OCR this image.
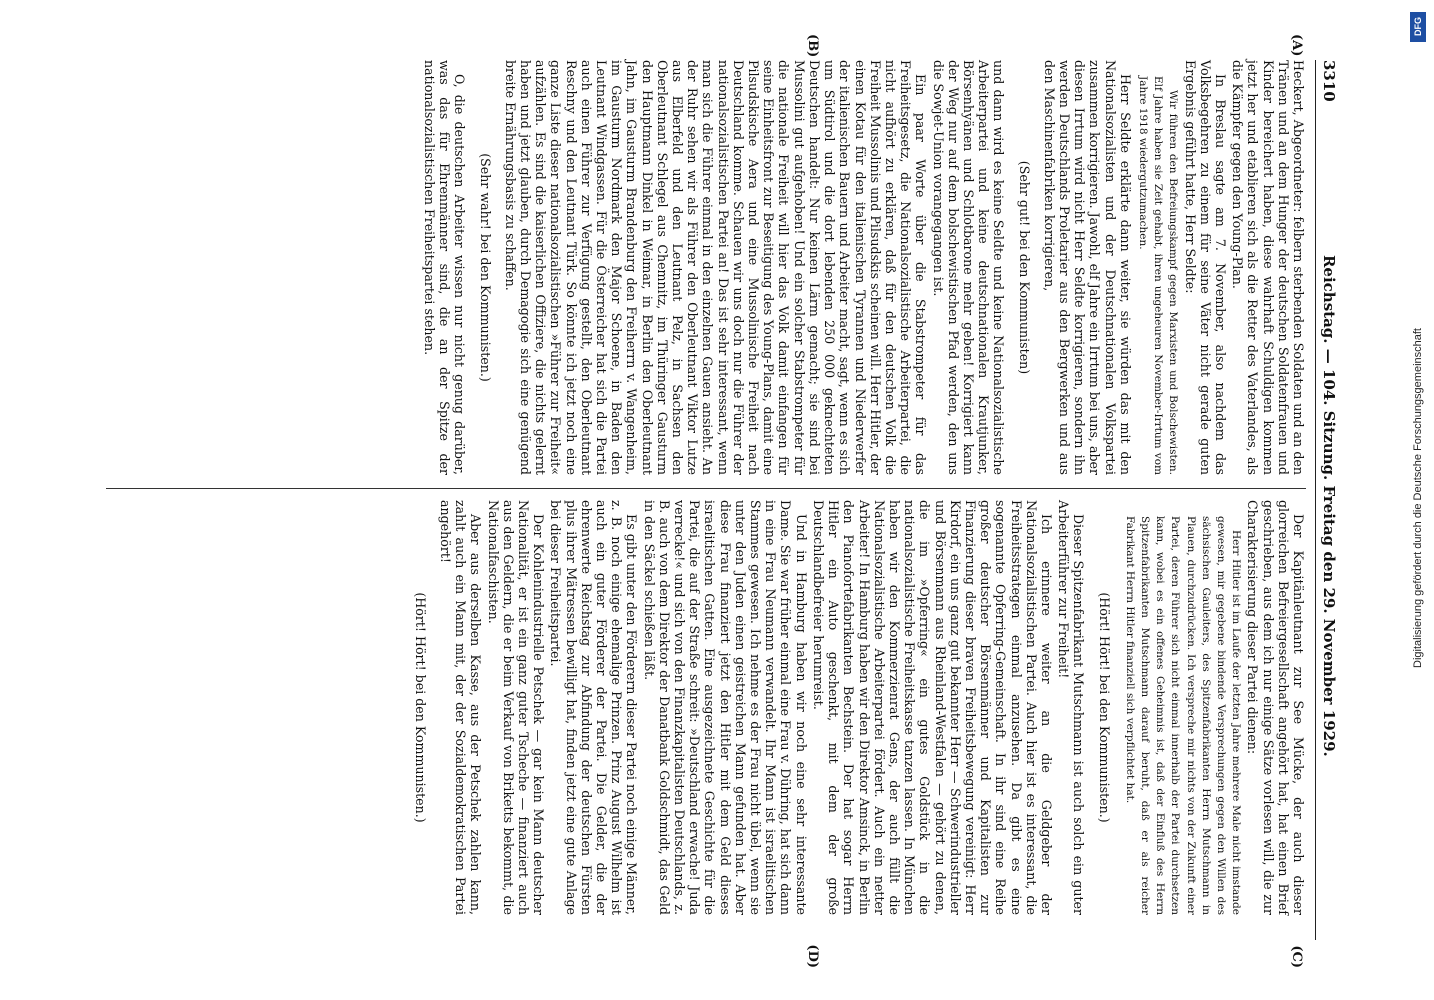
3310
Reichstag. — 104. Sitzung. Freitag den 29. November 1929.
(A)
(B)
(C)
(D)

Heckert, Abgeordneter: felbern sterbenden Soldaten und an den Tränen und an dem Hunger der deutschen Soldatenfrauen und Kinder bereichert haben, diese wahrhaft Schuldigen kommen jetzt her und etablieren sich als die Retter des Vaterlandes, als die Kämpfer gegen den Young-Plan.

In Breslau sagte am 7. November, also nachdem das Volksbegehren zu einem für seine Väter nicht gerade guten Ergebnis geführt hatte, Herr Seldte:

Wir führen den Befreiungskampf gegen Marxisten und Bolschewisten. Elf Jahre haben sie Zeit gehabt, ihren ungeheuren November-Irrtum vom Jahre 1918 wiedergutzumachen.

Herr Seldte erklärte dann weiter, sie würden das mit den Nationalsozialisten und der Deutschnationalen Volkspartei zusammen korrigieren. Jawohl, elf Jahre ein Irrtum bei uns, aber diesen Irrtum wird nicht Herr Seldte korrigieren, sondern ihn werden Deutschlands Proletarier aus den Bergwerken und aus den Maschinenfabriken korrigieren,

(Sehr gut! bei den Kommunisten)

und dann wird es keine Seldte und keine Nationalsozialistische Arbeiterpartei und keine deutschnationalen Krautjunker, Börsenhyänen und Schlotbarone mehr geben! Korrigiert kann der Weg nur auf dem bolschewistischen Pfad werden, den uns die Sowjet-Union vorangegangen ist.

Ein paar Worte über die Stabstrompeter für das Freiheitsgesetz, die Nationalsozialistische Arbeiterpartei, die nicht aufhört zu erklären, daß für den deutschen Volk die Freiheit Mussolinis und Pilsudskis scheinen will. Herr Hitler, der einen Kotau für den italienischen Tyrannen und Niederwerfer der italienischen Bauern und Arbeiter macht, sagt, wenn es sich um Südtirol und die dort lebenden 250 000 geknechteten Deutschen handelt: Nur keinen Lärm gemacht; sie sind bei Mussolini gut aufgehoben! Und ein solcher Stabstrompeter für die nationale Freiheit will hier das Volk damit einfangen für seine Einheitsfront zur Beseitigung des Young-Plans, damit eine Pilsudskische Aera und eine Mussolinische Freiheit nach Deutschland komme. Schauen wir uns doch nur die Führer der nationalsozialistischen Partei an! Das ist sehr interessant, wenn man sich die Führer einmal in den einzelnen Gauen ansieht. An der Ruhr sehen wir als Führer den Oberleutnant Viktor Lutze aus Elberfeld und den Leutnant Pelz, in Sachsen den Oberleutnant Schlegel aus Chemnitz, im Thüringer Gausturm den Hauptmann Dinkel in Weimar, in Berlin den Oberleutnant Jahn, im Gausturm Brandenburg den Freiherrn v. Wangenheim, im Gausturm Nordmark den Major Schoene, in Baden den Leutnant Windgassen. Für die Österreicher hat sich die Partei auch einen Führer zur Verfügung gestellt, den Oberleutnant Reschny und den Leutnant Türk. So könnte ich jetzt noch eine ganze Liste dieser nationalsozialistischen »Führer zur Freiheit« aufzählen. Es sind die kaiserlichen Offiziere, die nichts gelernt haben und jetzt glauben, durch Demagogie sich eine genügend breite Ernährungsbasis zu schaffen.

(Sehr wahr! bei den Kommunisten.)

O, die deutschen Arbeiter wissen nur nicht genug darüber, was das für Ehrenmänner sind, die an der Spitze der nationalsozialistischen Freiheitspartei stehen.

Der Kapitänleutnant zur See Mücke, der auch dieser glorreichen Befreiergesellschaft angehört hat, hat einen Brief geschrieben, aus dem ich nur einige Sätze vorlesen will, die zur Charakterisierung dieser Partei dienen:

Herr Hitler ist im Laufe der letzten Jahre mehrere Male nicht imstande gewesen, mir gegebene bindende Versprechungen gegen den Willen des sächsischen Gauleiters, des Spitzenfabrikanten Herrn Mutschmann in Plauen, durchzudrücken. Ich verspreche mir nichts von der Zukunft einer Partei, deren Führer sich nicht einmal innerhalb der Partei durchsetzen kann, wobei es ein offenes Geheimnis ist, daß der Einfluß des Herrn Spitzenfabrikanten Mutschmann darauf beruht, daß er als reicher Fabrikant Herrn Hitler finanziell sich verpflichtet hat.

(Hört! Hört! bei den Kommunisten.)

Dieser Spitzenfabrikant Mutschmann ist auch solch ein guter Arbeiterführer zur Freiheit!

Ich erinnere weiter an die Geldgeber der Nationalsozialistischen Partei. Auch hier ist es interessant, die Freiheitsstrategen einmal anzusehen. Da gibt es eine sogenannte Opferring-Gemeinschaft. In ihr sind eine Reihe großer deutscher Börsenmänner und Kapitalisten zur Finanzierung dieser braven Freiheitsbewegung vereinigt: Herr Kirdorf, ein uns ganz gut bekannter Herr — Schwerindustrieller und Börsenmann aus Rheinland-Westfalen — gehört zu denen, die im »Opferring« ein gutes Goldstück in die nationalsozialistische Freiheitskasse tanzen lassen. In München haben wir den Kommerzienrat Gens, der auch füllt die Nationalsozialistische Arbeiterpartei fördert. Auch ein netter Arbeiter! In Hamburg haben wir den Direktor Amsinck, in Berlin den Pianofortefabrikanten Bechstein. Der hat sogar Herrn Hitler ein Auto geschenkt, mit dem der große Deutschlandbefreier herumreist.

Und in Hamburg haben wir noch eine sehr interessante Dame. Sie war früher einmal eine Frau v. Dühring, hat sich dann in eine Frau Neumann verwandelt. Ihr Mann ist israelitischen Stammes gewesen. Ich nehme es der Frau nicht übel, wenn sie unter den Juden einen geistreichen Mann gefunden hat. Aber diese Frau finanziert jetzt den Hitler mit dem Geld dieses israelitischen Gatten. Eine ausgezeichnete Geschichte für die Partei, die auf der Straße schreit: »Deutschland erwache! Juda verrecke!« und sich von den Finanzkapitalisten Deutschlands, z. B. auch von dem Direktor der Danatbank Goldschmidt, das Geld in den Säckel schießen läßt.

Es gibt unter den Förderern dieser Partei noch einige Männer, z. B. noch einige ehemalige Prinzen. Prinz August Wilhelm ist auch ein guter Förderer der Partei. Die Gelder, die der ehrenwerte Reichstag zur Abfindung der deutschen Fürsten plus ihrer Mätressen bewilligt hat, finden jetzt eine gute Anlage bei dieser Freiheitspartei.

Der Kohlenindustrielle Petschek — gar kein Mann deutscher Nationalität, er ist ein ganz guter Tscheche — finanziert auch aus den Geldern, die er beim Verkauf von Briketts bekommt, die Nationalfaschisten.

Aber aus derselben Kasse, aus der Petschek zahlen kann, zahlt auch ein Mann mit, der der Sozialdemokratischen Partei angehört!

(Hört! Hört! bei den Kommunisten.)

DFG
Digitalisierung gefördert durch die Deutsche Forschungsgemeinschaft
